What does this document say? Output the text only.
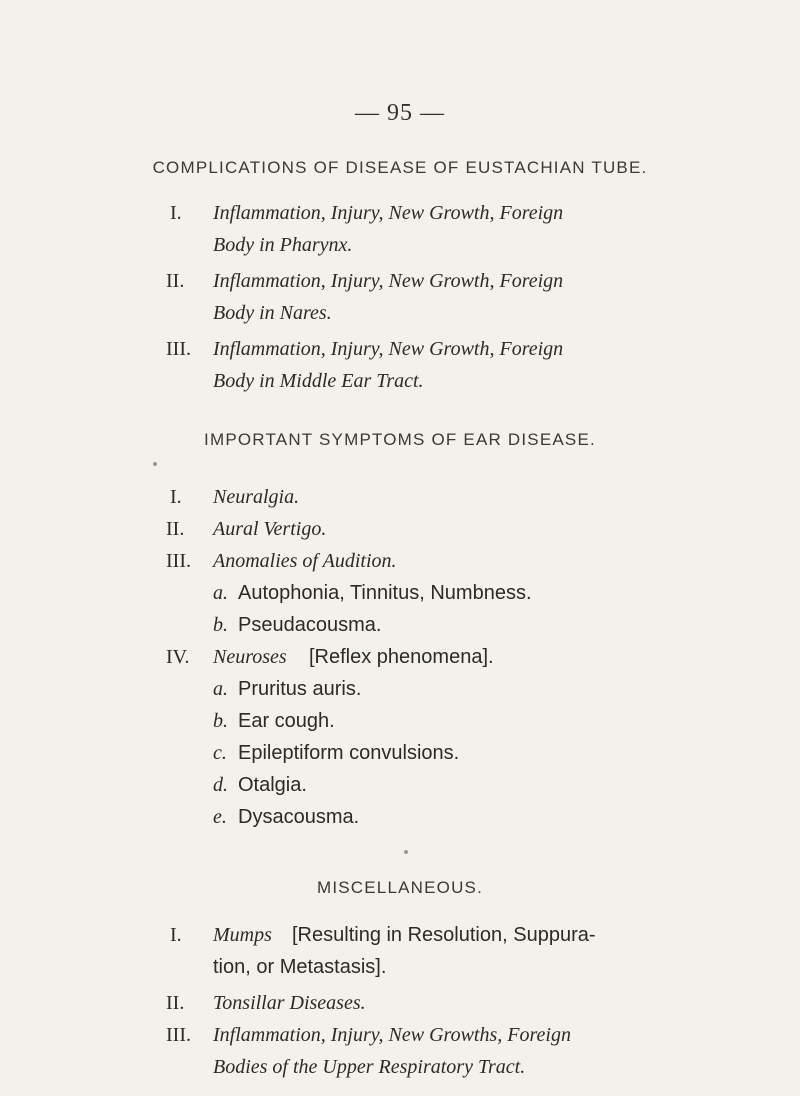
— 95 —
COMPLICATIONS OF DISEASE OF EUSTACHIAN TUBE.
I. Inflammation, Injury, New Growth, Foreign
Body in Pharynx.
II. Inflammation, Injury, New Growth, Foreign
Body in Nares.
III. Inflammation, Injury, New Growth, Foreign
Body in Middle Ear Tract.
IMPORTANT SYMPTOMS OF EAR DISEASE.
I. Neuralgia.
II. Aural Vertigo.
III. Anomalies of Audition.
a. Autophonia, Tinnitus, Numbness.
b. Pseudacousma.
IV. Neuroses [Reflex phenomena].
a. Pruritus auris.
b. Ear cough.
c. Epileptiform convulsions.
d. Otalgia.
e. Dysacousma.
MISCELLANEOUS.
I. Mumps [Resulting in Resolution, Suppura-
tion, or Metastasis].
II. Tonsillar Diseases.
III. Inflammation, Injury, New Growths, Foreign
Bodies of the Upper Respiratory Tract.
